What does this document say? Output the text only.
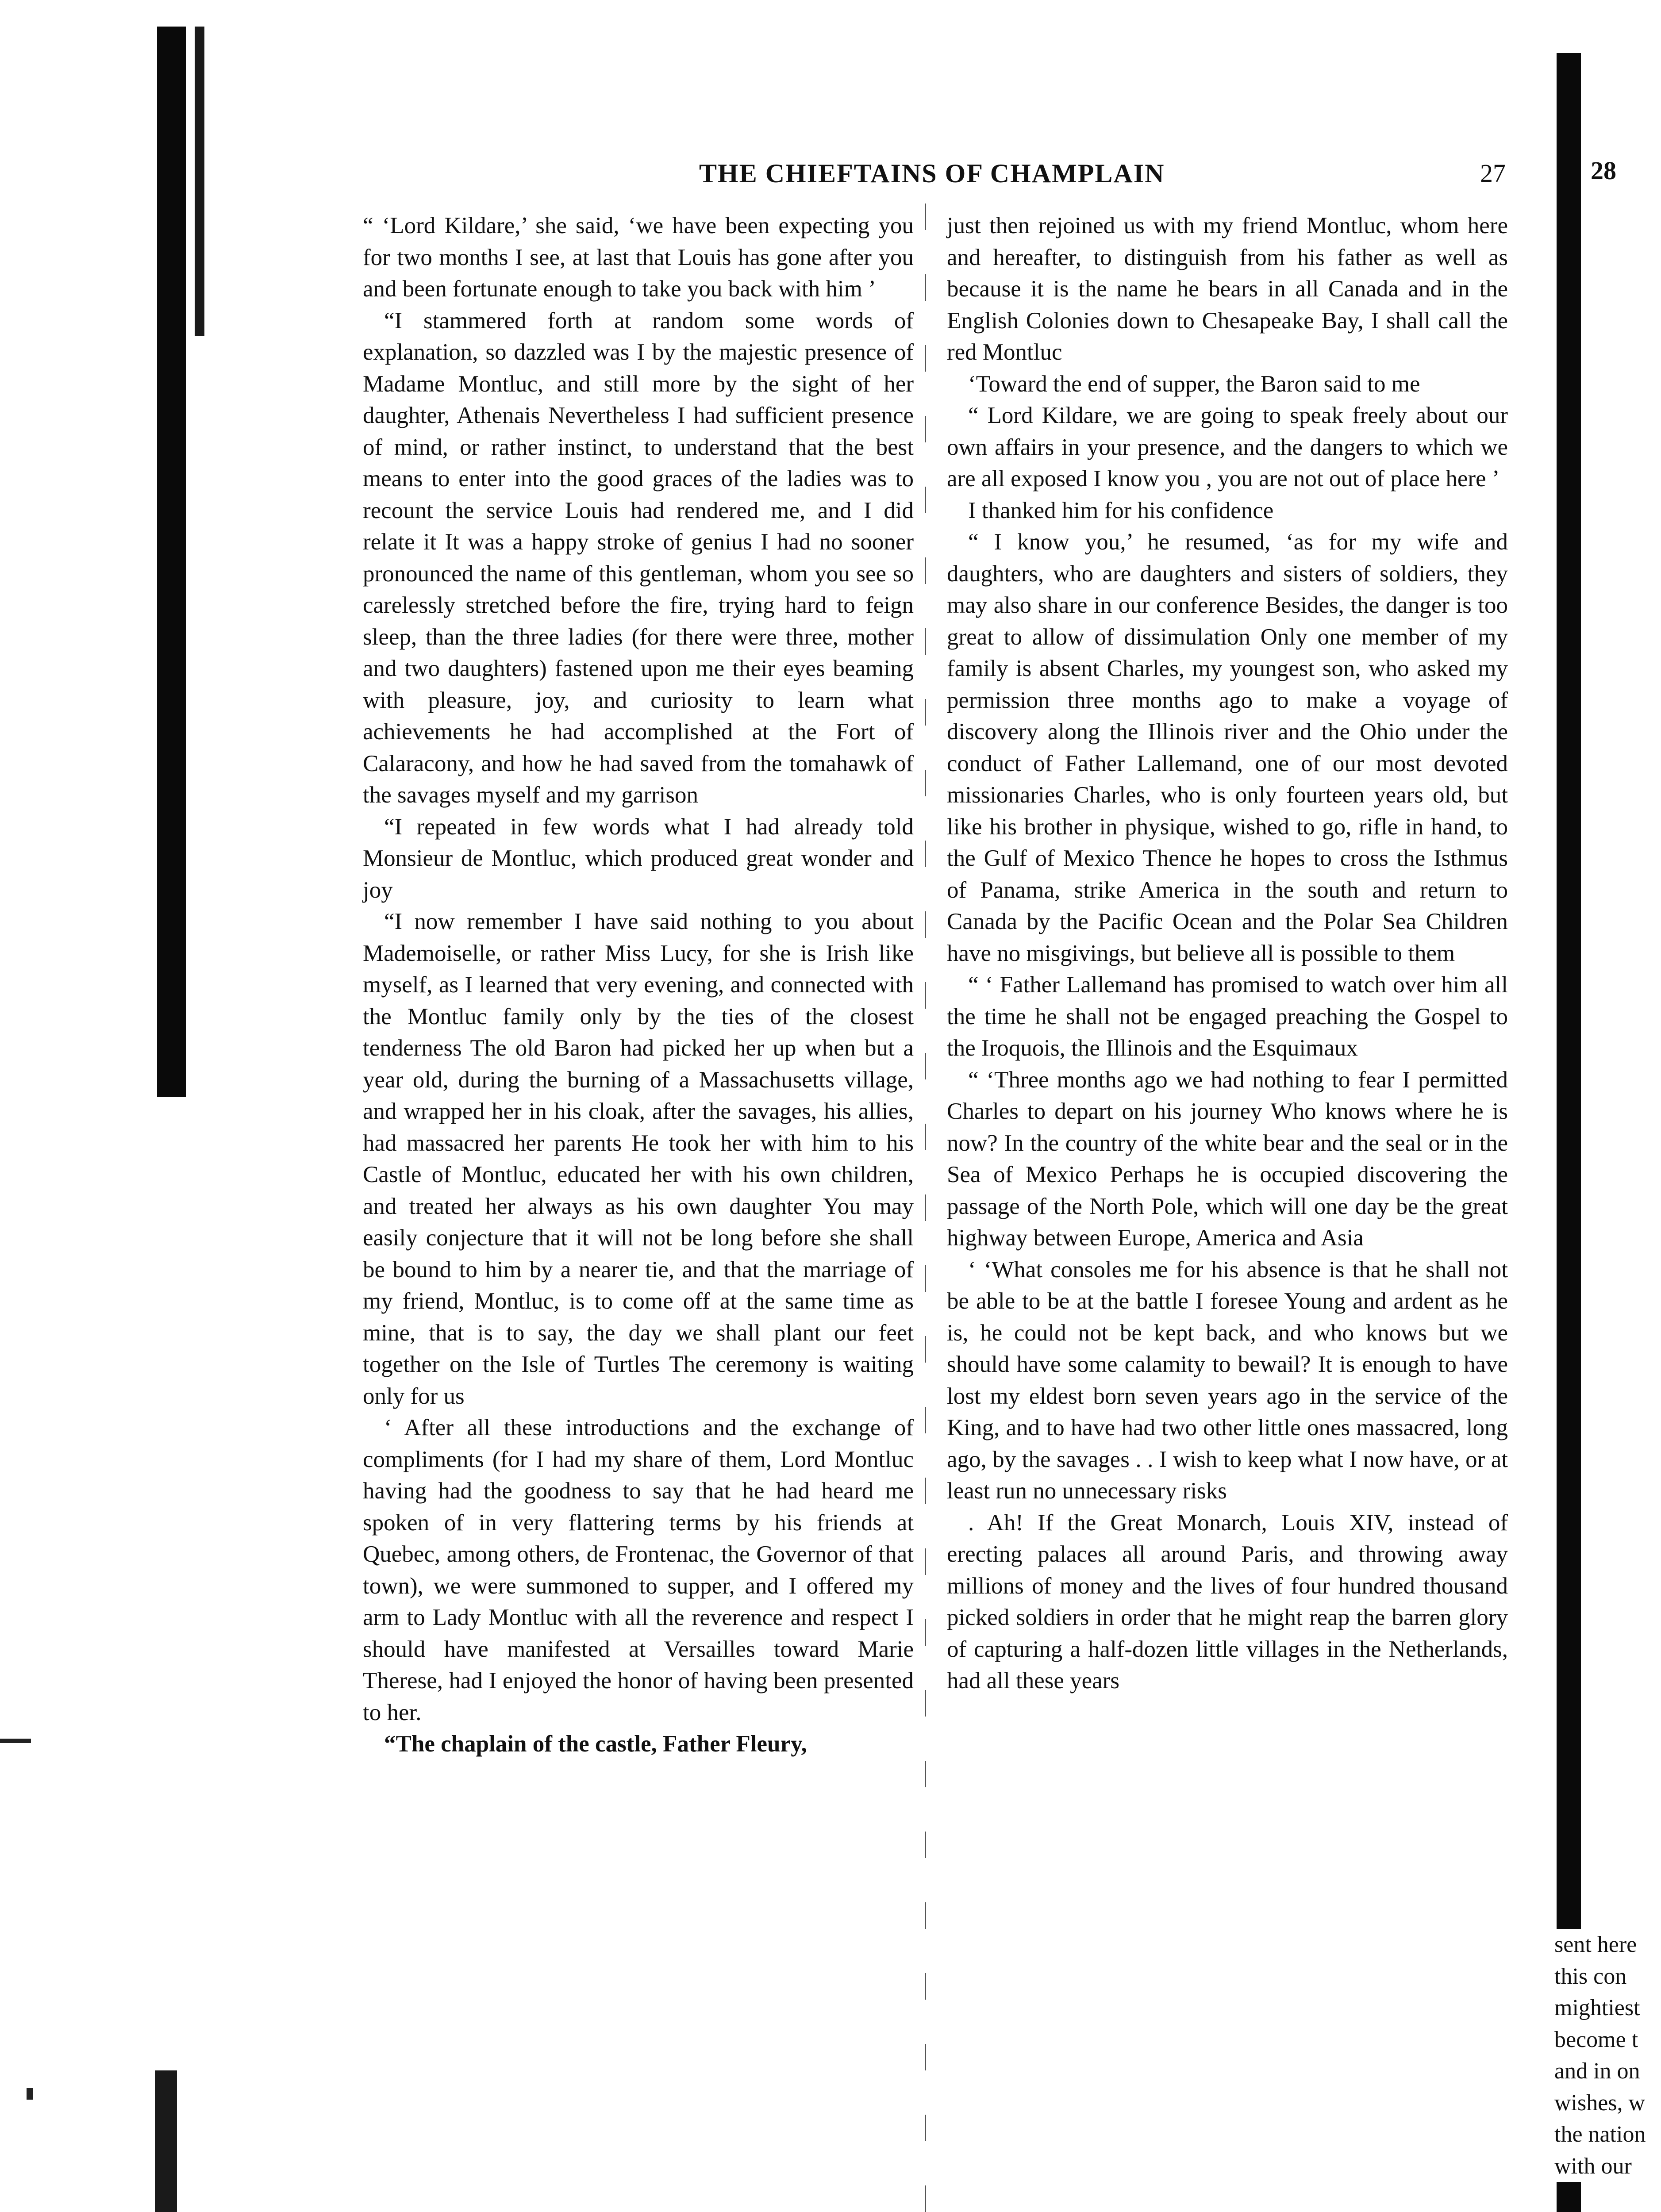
THE CHIEFTAINS OF CHAMPLAIN	27	28

“ ‘Lord Kildare,’ she said, ‘we have been expecting you for two months I see, at last that Louis has gone after you and been fortunate enough to take you back with him ’

“I stammered forth at random some words of explanation, so dazzled was I by the majestic presence of Madame Montluc, and still more by the sight of her daughter, Athenais Nevertheless I had sufficient presence of mind, or rather instinct, to understand that the best means to enter into the good graces of the ladies was to recount the service Louis had rendered me, and I did relate it It was a happy stroke of genius I had no sooner pronounced the name of this gentleman, whom you see so carelessly stretched before the fire, trying hard to feign sleep, than the three ladies (for there were three, mother and two daughters) fastened upon me their eyes beaming with pleasure, joy, and curiosity to learn what achievements he had accomplished at the Fort of Calaracony, and how he had saved from the tomahawk of the savages myself and my garrison

“I repeated in few words what I had already told Monsieur de Montluc, which produced great wonder and joy

“I now remember I have said nothing to you about Mademoiselle, or rather Miss Lucy, for she is Irish like myself, as I learned that very evening, and connected with the Montluc family only by the ties of the closest tenderness The old Baron had picked her up when but a year old, during the burning of a Massachusetts village, and wrapped her in his cloak, after the savages, his allies, had massacred her parents He took her with him to his Castle of Montluc, educated her with his own children, and treated her always as his own daughter You may easily conjecture that it will not be long before she shall be bound to him by a nearer tie, and that the marriage of my friend, Montluc, is to come off at the same time as mine, that is to say, the day we shall plant our feet together on the Isle of Turtles The ceremony is waiting only for us

‘ After all these introductions and the exchange of compliments (for I had my share of them, Lord Montluc having had the goodness to say that he had heard me spoken of in very flattering terms by his friends at Quebec, among others, de Frontenac, the Governor of that town), we were summoned to supper, and I offered my arm to Lady Montluc with all the reverence and respect I should have manifested at Versailles toward Marie Therese, had I enjoyed the honor of having been presented to her.

“The chaplain of the castle, Father Fleury,

just then rejoined us with my friend Montluc, whom here and hereafter, to distinguish from his father as well as because it is the name he bears in all Canada and in the English Colonies down to Chesapeake Bay, I shall call the red Montluc

‘Toward the end of supper, the Baron said to me

“ Lord Kildare, we are going to speak freely about our own affairs in your presence, and the dangers to which we are all exposed I know you , you are not out of place here ’

I thanked him for his confidence

“ I know you,’ he resumed, ‘as for my wife and daughters, who are daughters and sisters of soldiers, they may also share in our conference Besides, the danger is too great to allow of dissimulation Only one member of my family is absent Charles, my youngest son, who asked my permission three months ago to make a voyage of discovery along the Illinois river and the Ohio under the conduct of Father Lallemand, one of our most devoted missionaries Charles, who is only fourteen years old, but like his brother in physique, wished to go, rifle in hand, to the Gulf of Mexico Thence he hopes to cross the Isthmus of Panama, strike America in the south and return to Canada by the Pacific Ocean and the Polar Sea Children have no misgivings, but believe all is possible to them

“ ‘ Father Lallemand has promised to watch over him all the time he shall not be engaged preaching the Gospel to the Iroquois, the Illinois and the Esquimaux

“ ‘Three months ago we had nothing to fear I permitted Charles to depart on his journey Who knows where he is now? In the country of the white bear and the seal or in the Sea of Mexico Perhaps he is occupied discovering the passage of the North Pole, which will one day be the great highway between Europe, America and Asia

‘ ‘What consoles me for his absence is that he shall not be able to be at the battle I foresee Young and ardent as he is, he could not be kept back, and who knows but we should have some calamity to bewail? It is enough to have lost my eldest born seven years ago in the service of the King, and to have had two other little ones massacred, long ago, by the savages . . I wish to keep what I now have, or at least run no unnecessary risks

. Ah! If the Great Monarch, Louis XIV, instead of erecting palaces all around Paris, and throwing away millions of money and the lives of four hundred thousand picked soldiers in order that he might reap the barren glory of capturing a half-dozen little villages in the Netherlands, had all these years

sent here
this con
mightiest
become t
and in on
wishes, w
the nation
with our
